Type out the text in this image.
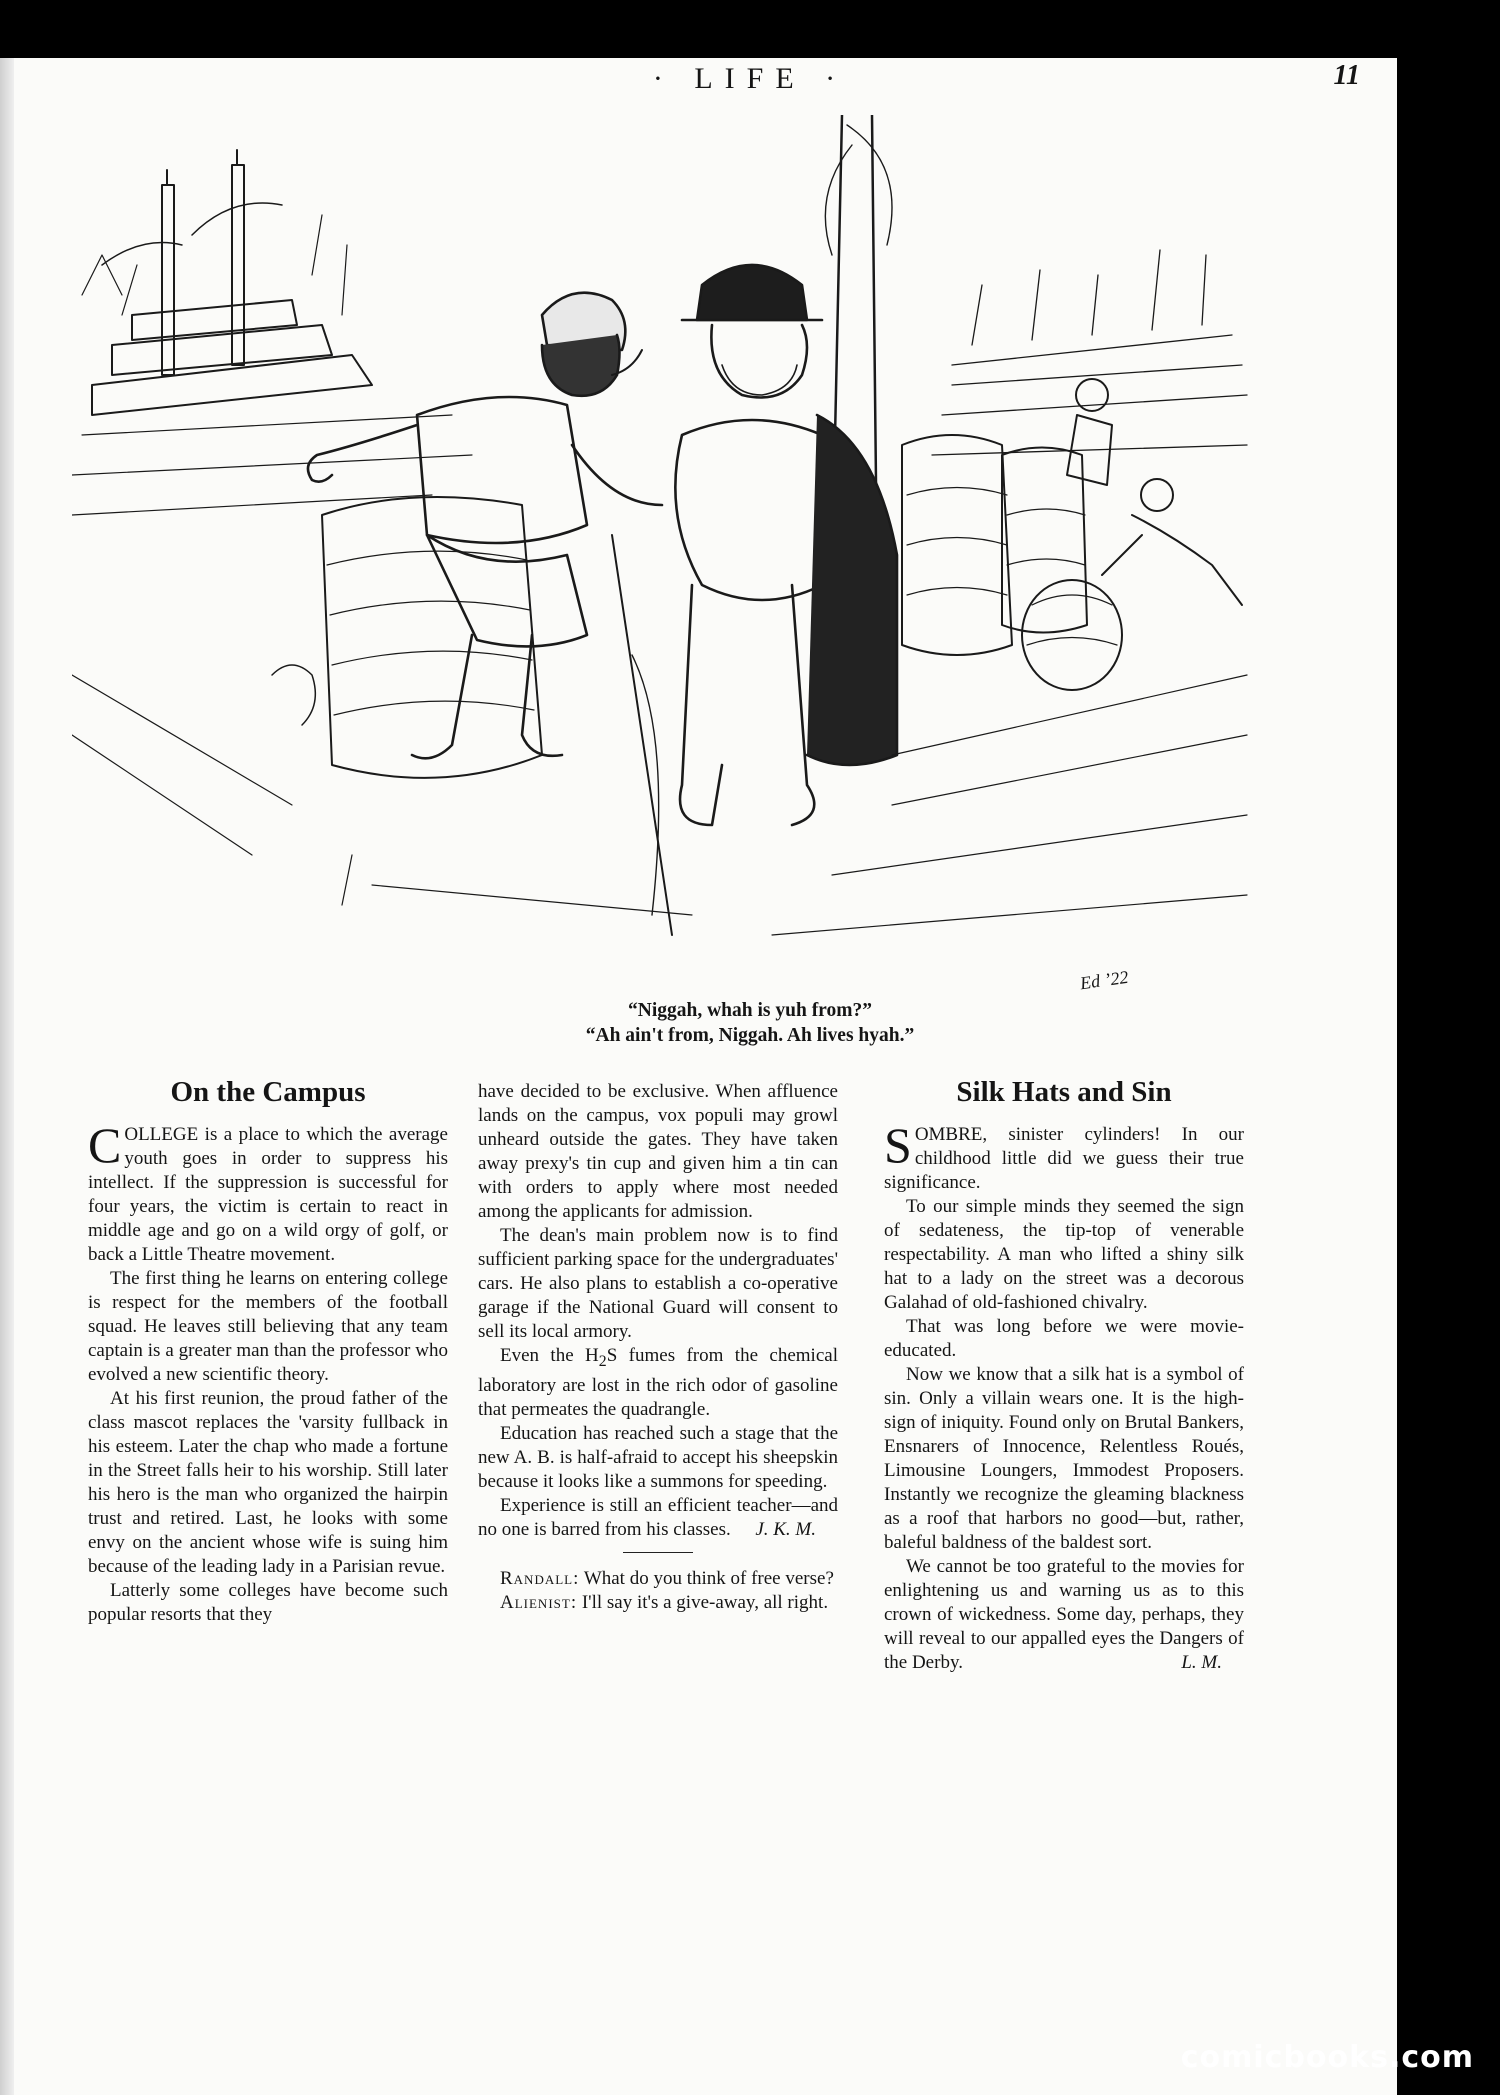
· LIFE ·	11
“Niggah, whah is yuh from?”
“Ah ain't from, Niggah. Ah lives hyah.”
Ed ’22
On the Campus

COLLEGE is a place to which the average youth goes in order to suppress his intellect. If the suppression is successful for four years, the victim is certain to react in middle age and go on a wild orgy of golf, or back a Little Theatre movement.

The first thing he learns on entering college is respect for the members of the football squad. He leaves still believing that any team captain is a greater man than the professor who evolved a new scientific theory.

At his first reunion, the proud father of the class mascot replaces the 'varsity fullback in his esteem. Later the chap who made a fortune in the Street falls heir to his worship. Still later his hero is the man who organized the hairpin trust and retired. Last, he looks with some envy on the ancient whose wife is suing him because of the leading lady in a Parisian revue.

Latterly some colleges have become such popular resorts that they

have decided to be exclusive. When affluence lands on the campus, vox populi may growl unheard outside the gates. They have taken away prexy's tin cup and given him a tin can with orders to apply where most needed among the applicants for admission.

The dean's main problem now is to find sufficient parking space for the undergraduates' cars. He also plans to establish a co-operative garage if the National Guard will consent to sell its local armory.

Even the $H_2S$ fumes from the chemical laboratory are lost in the rich odor of gasoline that permeates the quadrangle.

Education has reached such a stage that the new A. B. is half-afraid to accept his sheepskin because it looks like a summons for speeding.

Experience is still an efficient teacher—and no one is barred from his classes.	J. K. M.

Randall: What do you think of free verse?

Alienist: I'll say it's a give-away, all right.

Silk Hats and Sin

SOMBRE, sinister cylinders! In our childhood little did we guess their true significance.

To our simple minds they seemed the sign of sedateness, the tip-top of venerable respectability. A man who lifted a shiny silk hat to a lady on the street was a decorous Galahad of old-fashioned chivalry.

That was long before we were movie-educated.

Now we know that a silk hat is a symbol of sin. Only a villain wears one. It is the high-sign of iniquity. Found only on Brutal Bankers, Ensnarers of Innocence, Relentless Roués, Limousine Loungers, Immodest Proposers. Instantly we recognize the gleaming blackness as a roof that harbors no good—but, rather, baleful baldness of the baldest sort.

We cannot be too grateful to the movies for enlightening us and warning us as to this crown of wickedness. Some day, perhaps, they will reveal to our appalled eyes the Dangers of the Derby.	L. M.

comicbooks.com
